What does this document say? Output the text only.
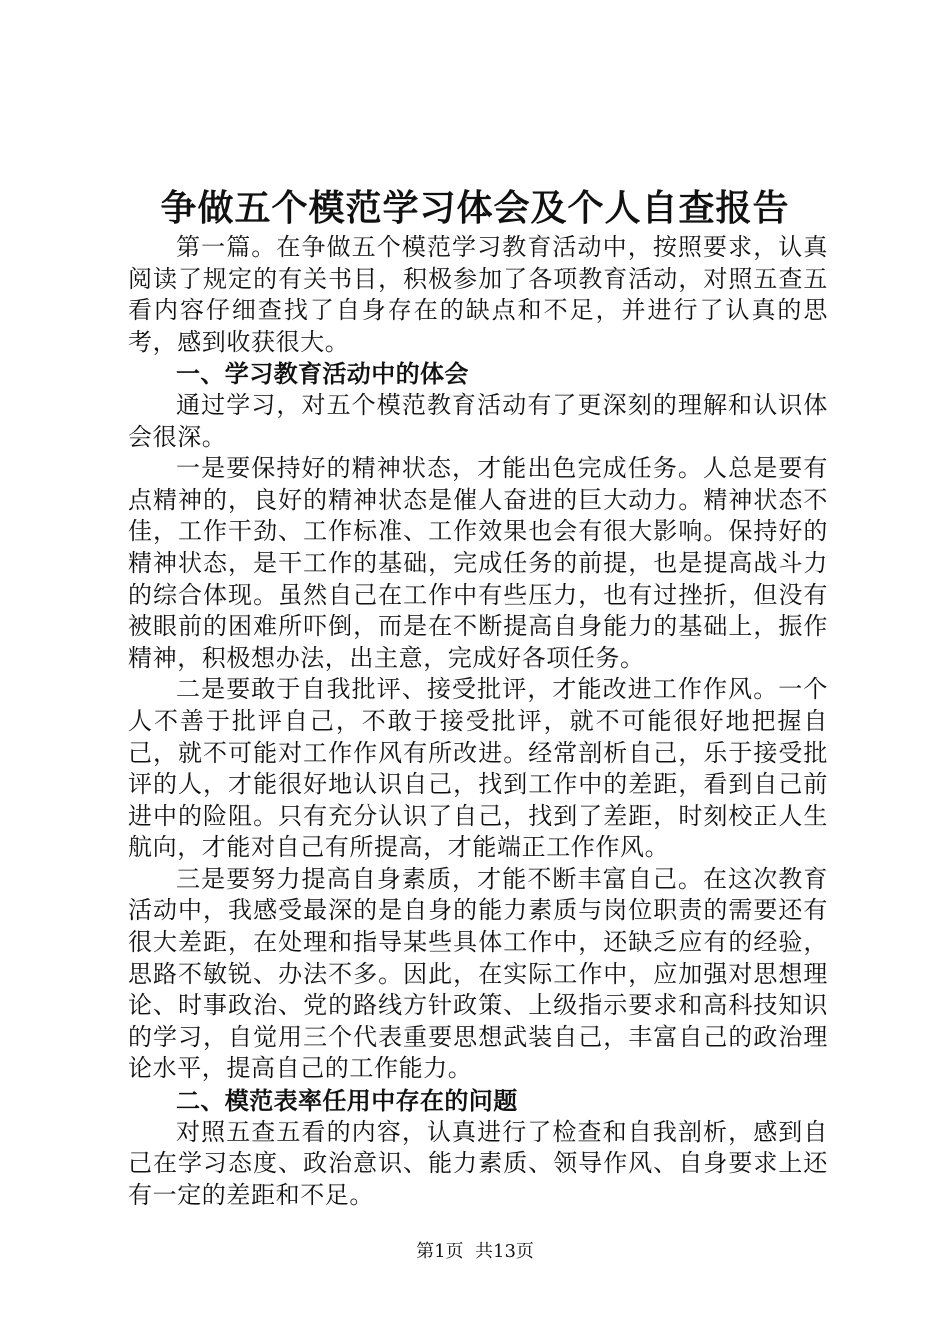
争做五个模范学习体会及个人自查报告

第一篇。在争做五个模范学习教育活动中，按照要求，认真阅读了规定的有关书目，积极参加了各项教育活动，对照五查五看内容仔细查找了自身存在的缺点和不足，并进行了认真的思考，感到收获很大。

一、学习教育活动中的体会

通过学习，对五个模范教育活动有了更深刻的理解和认识体会很深。

一是要保持好的精神状态，才能出色完成任务。人总是要有点精神的，良好的精神状态是催人奋进的巨大动力。精神状态不佳，工作干劲、工作标准、工作效果也会有很大影响。保持好的精神状态，是干工作的基础，完成任务的前提，也是提高战斗力的综合体现。虽然自己在工作中有些压力，也有过挫折，但没有被眼前的困难所吓倒，而是在不断提高自身能力的基础上，振作精神，积极想办法，出主意，完成好各项任务。

二是要敢于自我批评、接受批评，才能改进工作作风。一个人不善于批评自己，不敢于接受批评，就不可能很好地把握自己，就不可能对工作作风有所改进。经常剖析自己，乐于接受批评的人，才能很好地认识自己，找到工作中的差距，看到自己前进中的险阻。只有充分认识了自己，找到了差距，时刻校正人生航向，才能对自己有所提高，才能端正工作作风。

三是要努力提高自身素质，才能不断丰富自己。在这次教育活动中，我感受最深的是自身的能力素质与岗位职责的需要还有很大差距，在处理和指导某些具体工作中，还缺乏应有的经验，思路不敏锐、办法不多。因此，在实际工作中，应加强对思想理论、时事政治、党的路线方针政策、上级指示要求和高科技知识的学习，自觉用三个代表重要思想武装自己，丰富自己的政治理论水平，提高自己的工作能力。

二、模范表率任用中存在的问题

对照五查五看的内容，认真进行了检查和自我剖析，感到自己在学习态度、政治意识、能力素质、领导作风、自身要求上还有一定的差距和不足。

第1页  共13页
